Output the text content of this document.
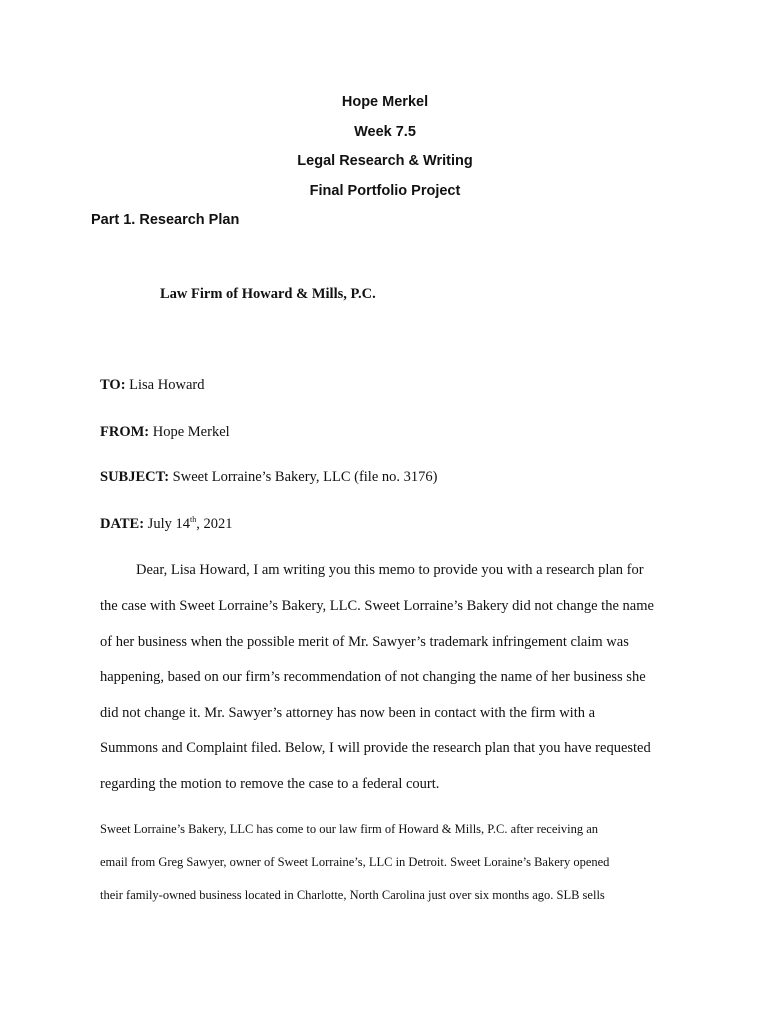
Hope Merkel
Week 7.5
Legal Research & Writing
Final Portfolio Project
Part 1. Research Plan
Law Firm of Howard & Mills, P.C.
TO: Lisa Howard
FROM: Hope Merkel
SUBJECT: Sweet Lorraine’s Bakery, LLC (file no. 3176)
DATE: July 14th, 2021
Dear, Lisa Howard, I am writing you this memo to provide you with a research plan for
the case with Sweet Lorraine’s Bakery, LLC. Sweet Lorraine’s Bakery did not change the name
of her business when the possible merit of Mr. Sawyer’s trademark infringement claim was
happening, based on our firm’s recommendation of not changing the name of her business she
did not change it. Mr. Sawyer’s attorney has now been in contact with the firm with a
Summons and Complaint filed. Below, I will provide the research plan that you have requested
regarding the motion to remove the case to a federal court.
Sweet Lorraine’s Bakery, LLC has come to our law firm of Howard & Mills, P.C. after receiving an
email from Greg Sawyer, owner of Sweet Lorraine’s, LLC in Detroit. Sweet Loraine’s Bakery opened
their family-owned business located in Charlotte, North Carolina just over six months ago. SLB sells
